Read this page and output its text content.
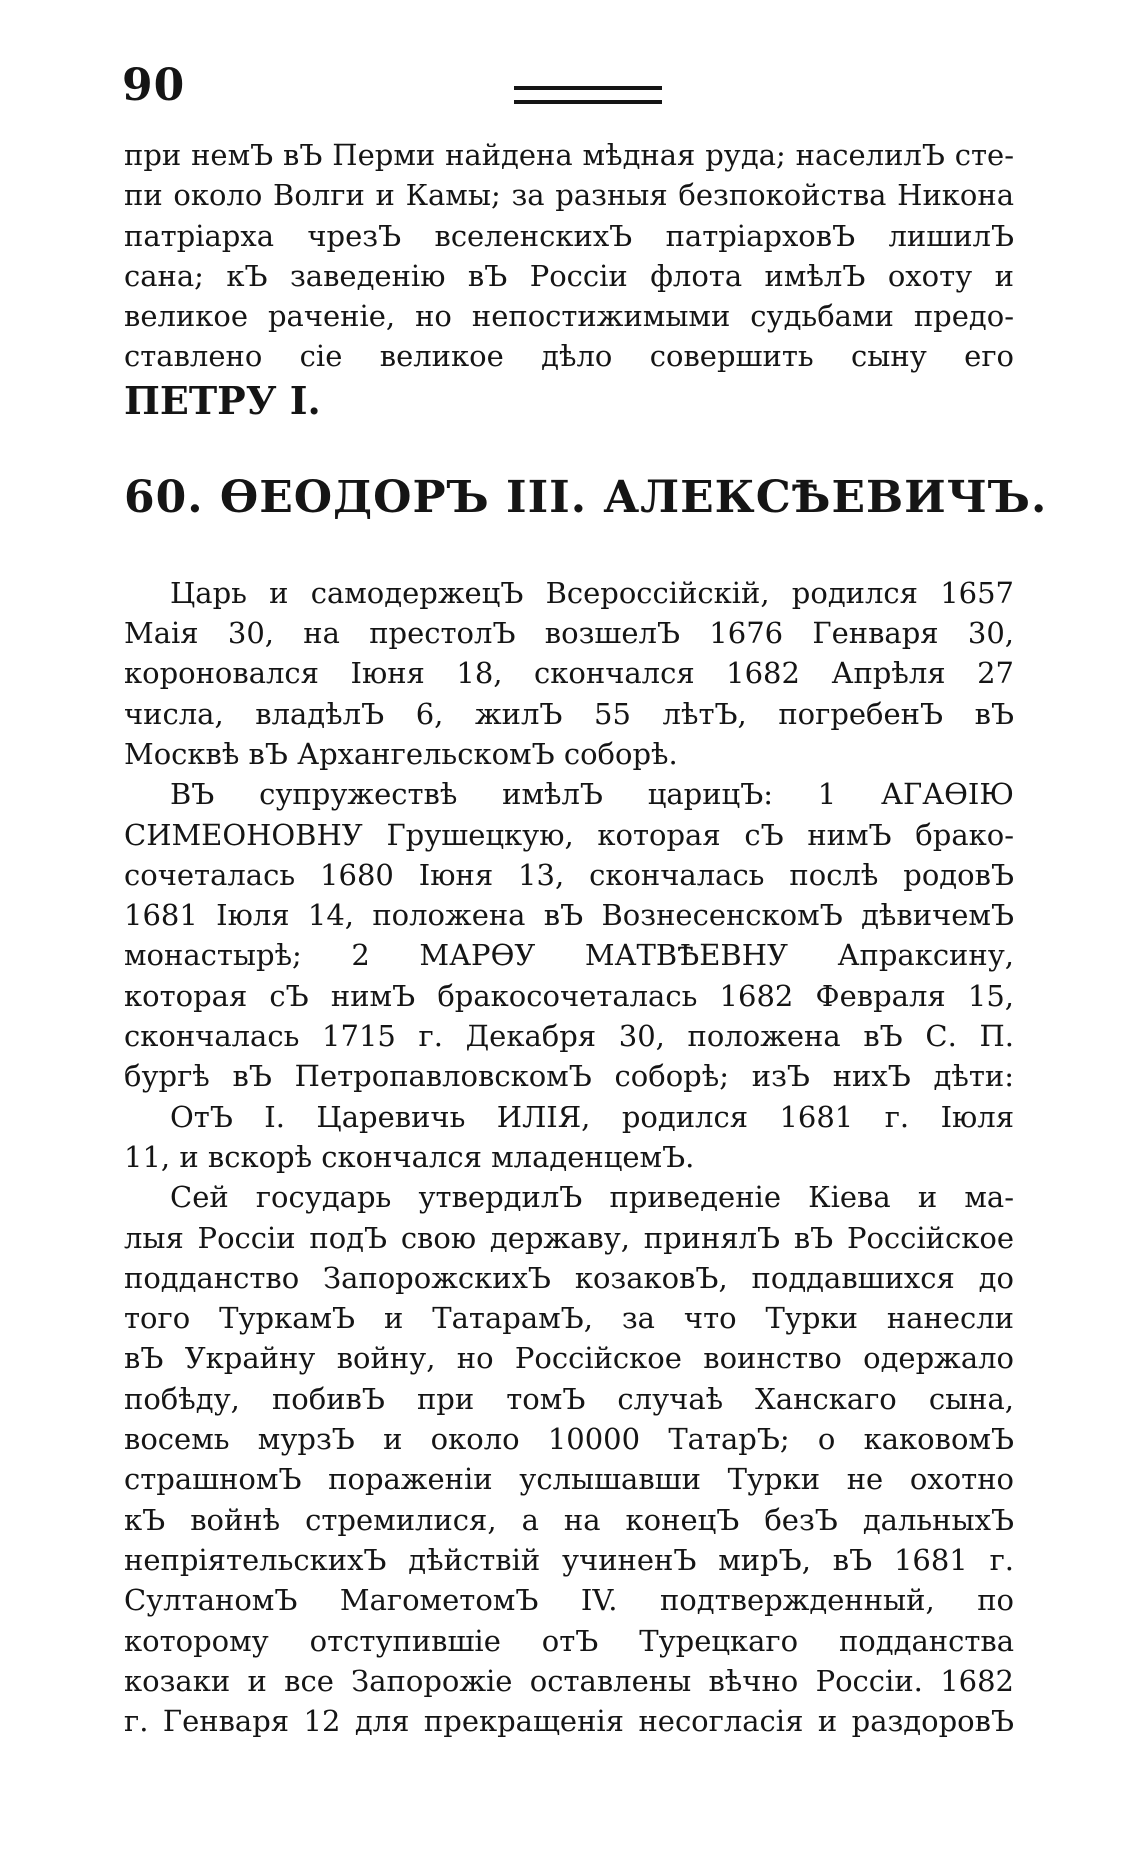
90
при немЪ вЪ Перми найдена мѣдная руда; населилЪ сте-
пи около Волги и Камы; за разныя безпокойства Никона
патрiарха чрезЪ вселенскихЪ патрiарховЪ лишилЪ
сана; кЪ заведенiю вЪ Россiи флота имѣлЪ охоту и
великое раченiе, но непостижимыми судьбами предо-
ставлено сiе великое дѣло совершить сыну его
ПЕТРУ I.
60. ѲЕОДОРЪ III. АЛЕКСѢЕВИЧЪ.
Царь и самодержецЪ Всероссiйскiй, родился 1657
Маiя 30, на престолЪ возшелЪ 1676 Генваря 30,
короновался Iюня 18, скончался 1682 Апрѣля 27
числа, владѣлЪ 6, жилЪ 55 лѣтЪ, погребенЪ вЪ
Москвѣ вЪ АрхангельскомЪ соборѣ.
ВЪ супружествѣ имѣлЪ царицЪ: 1 АГАѲIЮ
СИМЕОНОВНУ Грушецкую, которая сЪ нимЪ брако-
сочеталась 1680 Iюня 13, скончалась послѣ родовЪ
1681 Iюля 14, положена вЪ ВознесенскомЪ дѣвичемЪ
монастырѣ; 2 МАРѲУ МАТВѢЕВНУ Апраксину,
которая сЪ нимЪ бракосочеталась 1682 Февраля 15,
скончалась 1715 г. Декабря 30, положена вЪ С. П.
бургѣ вЪ ПетропавловскомЪ соборѣ; изЪ нихЪ дѣти:
ОтЪ I. Царевичь ИЛIЯ, родился 1681 г. Iюля
11, и вскорѣ скончался младенцемЪ.
Сей государь утвердилЪ приведенiе Кiева и ма-
лыя Россiи подЪ свою державу, принялЪ вЪ Россiйское
подданство ЗапорожскихЪ козаковЪ, поддавшихся до
того ТуркамЪ и ТатарамЪ, за что Турки нанесли
вЪ Украйну войну, но Россiйское воинство одержало
побѣду, побивЪ при томЪ случаѣ Ханскаго сына,
восемь мурзЪ и около 10000 ТатарЪ; о каковомЪ
страшномЪ пораженiи услышавши Турки не охотно
кЪ войнѣ стремилися, а на конецЪ безЪ дальныхЪ
непрiятельскихЪ дѣйствiй учиненЪ мирЪ, вЪ 1681 г.
СултаномЪ МагометомЪ IV. подтвержденный, по
которому отступившiе отЪ Турецкаго подданства
козаки и все Запорожiе оставлены вѣчно Россiи. 1682
г. Генваря 12 для прекращенiя несогласiя и раздоровЪ
